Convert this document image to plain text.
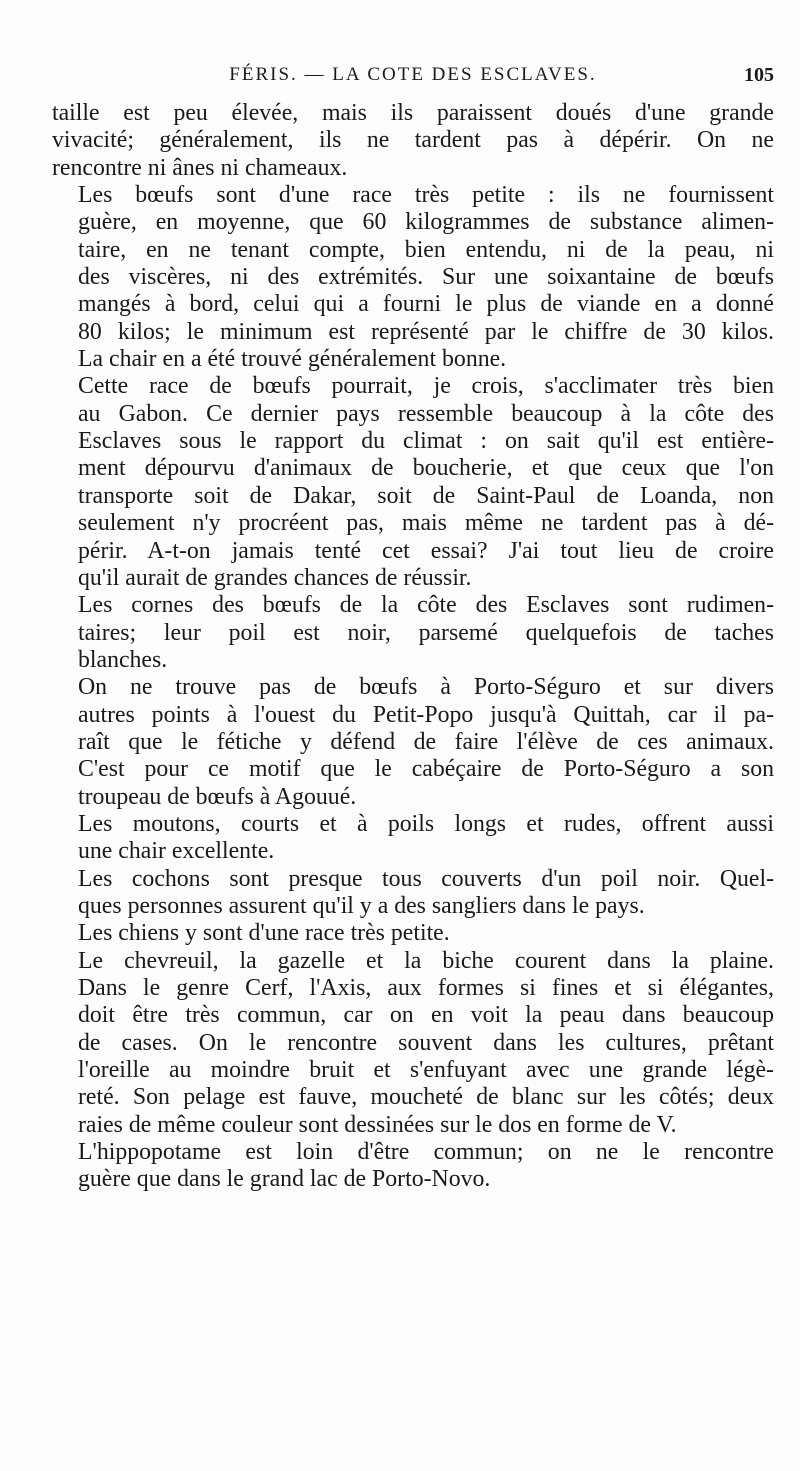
FÉRIS. — LA COTE DES ESCLAVES.	105

taille est peu élevée, mais ils paraissent doués d'une grande
vivacité; généralement, ils ne tardent pas à dépérir. On ne
rencontre ni ânes ni chameaux.

Les bœufs sont d'une race très petite : ils ne fournissent
guère, en moyenne, que 60 kilogrammes de substance alimen-
taire, en ne tenant compte, bien entendu, ni de la peau, ni
des viscères, ni des extrémités. Sur une soixantaine de bœufs
mangés à bord, celui qui a fourni le plus de viande en a donné
80 kilos; le minimum est représenté par le chiffre de 30 kilos.
La chair en a été trouvé généralement bonne.

Cette race de bœufs pourrait, je crois, s'acclimater très bien
au Gabon. Ce dernier pays ressemble beaucoup à la côte des
Esclaves sous le rapport du climat : on sait qu'il est entière-
ment dépourvu d'animaux de boucherie, et que ceux que l'on
transporte soit de Dakar, soit de Saint-Paul de Loanda, non
seulement n'y procréent pas, mais même ne tardent pas à dé-
périr. A-t-on jamais tenté cet essai? J'ai tout lieu de croire
qu'il aurait de grandes chances de réussir.

Les cornes des bœufs de la côte des Esclaves sont rudimen-
taires; leur poil est noir, parsemé quelquefois de taches
blanches.

On ne trouve pas de bœufs à Porto-Séguro et sur divers
autres points à l'ouest du Petit-Popo jusqu'à Quittah, car il pa-
raît que le fétiche y défend de faire l'élève de ces animaux.
C'est pour ce motif que le cabéçaire de Porto-Séguro a son
troupeau de bœufs à Agouué.

Les moutons, courts et à poils longs et rudes, offrent aussi
une chair excellente.

Les cochons sont presque tous couverts d'un poil noir. Quel-
ques personnes assurent qu'il y a des sangliers dans le pays.

Les chiens y sont d'une race très petite.

Le chevreuil, la gazelle et la biche courent dans la plaine.
Dans le genre Cerf, l'Axis, aux formes si fines et si élégantes,
doit être très commun, car on en voit la peau dans beaucoup
de cases. On le rencontre souvent dans les cultures, prêtant
l'oreille au moindre bruit et s'enfuyant avec une grande légè-
reté. Son pelage est fauve, moucheté de blanc sur les côtés; deux
raies de même couleur sont dessinées sur le dos en forme de V.

L'hippopotame est loin d'être commun; on ne le rencontre
guère que dans le grand lac de Porto-Novo.
